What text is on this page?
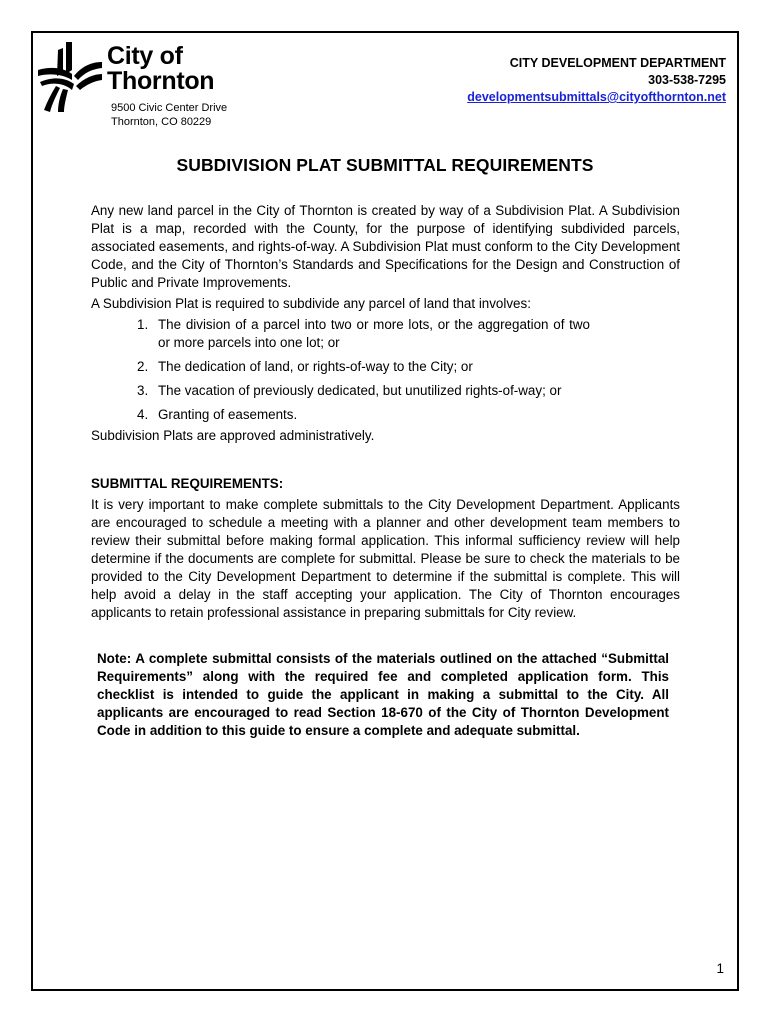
City of
Thornton
9500 Civic Center Drive
Thornton, CO 80229
CITY DEVELOPMENT DEPARTMENT
303-538-7295
developmentsubmittals@cityofthornton.net
SUBDIVISION PLAT SUBMITTAL REQUIREMENTS

Any new land parcel in the City of Thornton is created by way of a Subdivision Plat. A Subdivision Plat is a map, recorded with the County, for the purpose of identifying subdivided parcels, associated easements, and rights-of-way. A Subdivision Plat must conform to the City Development Code, and the City of Thornton’s Standards and Specifications for the Design and Construction of Public and Private Improvements.

A Subdivision Plat is required to subdivide any parcel of land that involves:

1. The division of a parcel into two or more lots, or the aggregation of two or more parcels into one lot; or
2. The dedication of land, or rights-of-way to the City; or
3. The vacation of previously dedicated, but unutilized rights-of-way; or
4. Granting of easements.

Subdivision Plats are approved administratively.

SUBMITTAL REQUIREMENTS:

It is very important to make complete submittals to the City Development Department. Applicants are encouraged to schedule a meeting with a planner and other development team members to review their submittal before making formal application. This informal sufficiency review will help determine if the documents are complete for submittal. Please be sure to check the materials to be provided to the City Development Department to determine if the submittal is complete. This will help avoid a delay in the staff accepting your application. The City of Thornton encourages applicants to retain professional assistance in preparing submittals for City review.

Note: A complete submittal consists of the materials outlined on the attached “Submittal Requirements” along with the required fee and completed application form. This checklist is intended to guide the applicant in making a submittal to the City. All applicants are encouraged to read Section 18-670 of the City of Thornton Development Code in addition to this guide to ensure a complete and adequate submittal.

1
